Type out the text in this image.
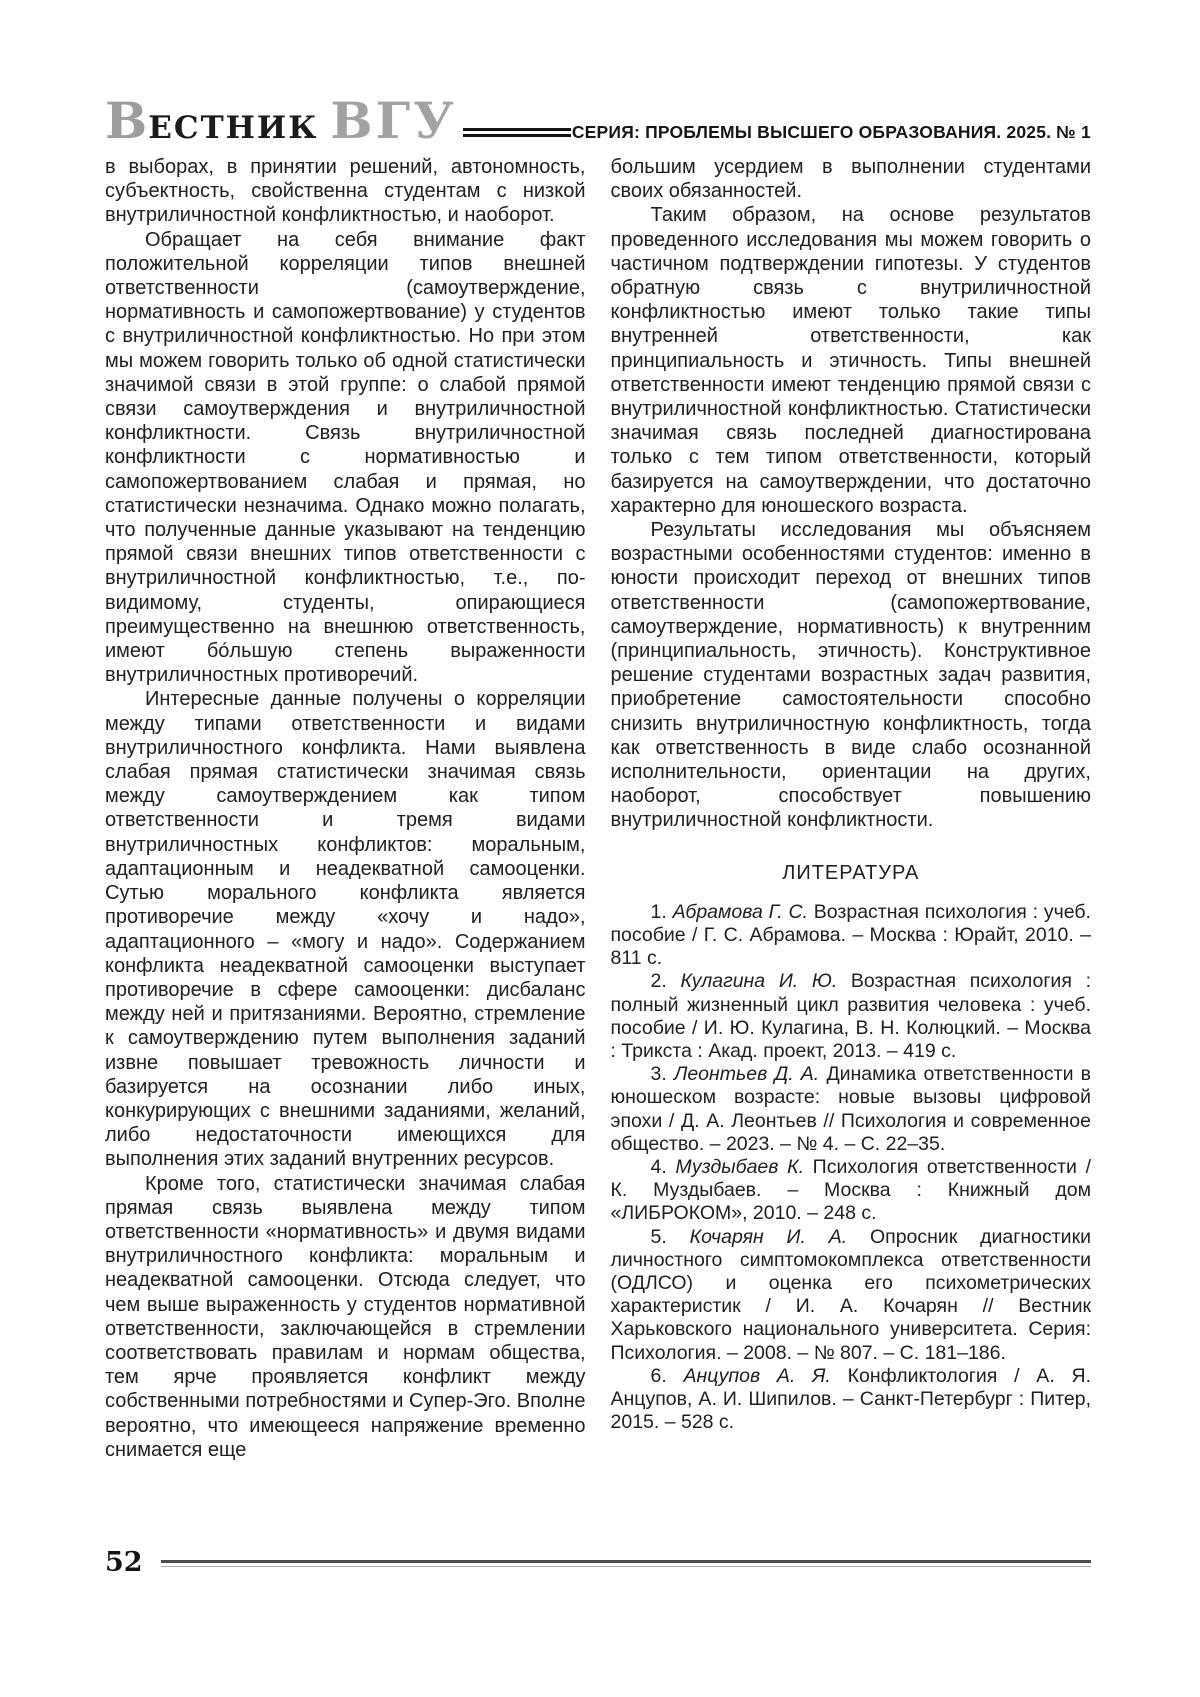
ВЕСТНИК ВГУ	СЕРИЯ: ПРОБЛЕМЫ ВЫСШЕГО ОБРАЗОВАНИЯ. 2025. № 1

в выборах, в принятии решений, автономность, субъектность, свойственна студентам с низкой внутриличностной конфликтностью, и наоборот.

Обращает на себя внимание факт положительной корреляции типов внешней ответственности (самоутверждение, нормативность и самопожертвование) у студентов с внутриличностной конфликтностью. Но при этом мы можем говорить только об одной статистически значимой связи в этой группе: о слабой прямой связи самоутверждения и внутриличностной конфликтности. Связь внутриличностной конфликтности с нормативностью и самопожертвованием слабая и прямая, но статистически незначима. Однако можно полагать, что полученные данные указывают на тенденцию прямой связи внешних типов ответственности с внутриличностной конфликтностью, т.е., по-видимому, студенты, опирающиеся преимущественно на внешнюю ответственность, имеют бо́льшую степень выраженности внутриличностных противоречий.

Интересные данные получены о корреляции между типами ответственности и видами внутриличностного конфликта. Нами выявлена слабая прямая статистически значимая связь между самоутверждением как типом ответственности и тремя видами внутриличностных конфликтов: моральным, адаптационным и неадекватной самооценки. Сутью морального конфликта является противоречие между «хочу и надо», адаптационного – «могу и надо». Содержанием конфликта неадекватной самооценки выступает противоречие в сфере самооценки: дисбаланс между ней и притязаниями. Вероятно, стремление к самоутверждению путем выполнения заданий извне повышает тревожность личности и базируется на осознании либо иных, конкурирующих с внешними заданиями, желаний, либо недостаточности имеющихся для выполнения этих заданий внутренних ресурсов.

Кроме того, статистически значимая слабая прямая связь выявлена между типом ответственности «нормативность» и двумя видами внутриличностного конфликта: моральным и неадекватной самооценки. Отсюда следует, что чем выше выраженность у студентов нормативной ответственности, заключающейся в стремлении соответствовать правилам и нормам общества, тем ярче проявляется конфликт между собственными потребностями и Супер-Эго. Вполне вероятно, что имеющееся напряжение временно снимается еще

большим усердием в выполнении студентами своих обязанностей.

Таким образом, на основе результатов проведенного исследования мы можем говорить о частичном подтверждении гипотезы. У студентов обратную связь с внутриличностной конфликтностью имеют только такие типы внутренней ответственности, как принципиальность и этичность. Типы внешней ответственности имеют тенденцию прямой связи с внутриличностной конфликтностью. Статистически значимая связь последней диагностирована только с тем типом ответственности, который базируется на самоутверждении, что достаточно характерно для юношеского возраста.

Результаты исследования мы объясняем возрастными особенностями студентов: именно в юности происходит переход от внешних типов ответственности (самопожертвование, самоутверждение, нормативность) к внутренним (принципиальность, этичность). Конструктивное решение студентами возрастных задач развития, приобретение самостоятельности способно снизить внутриличностную конфликтность, тогда как ответственность в виде слабо осознанной исполнительности, ориентации на других, наоборот, способствует повышению внутриличностной конфликтности.

ЛИТЕРАТУРА

1. Абрамова Г. С. Возрастная психология : учеб. пособие / Г. С. Абрамова. – Москва : Юрайт, 2010. – 811 с.

2. Кулагина И. Ю. Возрастная психология : полный жизненный цикл развития человека : учеб. пособие / И. Ю. Кулагина, В. Н. Колюцкий. – Москва : Трикста : Акад. проект, 2013. – 419 с.

3. Леонтьев Д. А. Динамика ответственности в юношеском возрасте: новые вызовы цифровой эпохи / Д. А. Леонтьев // Психология и современное общество. – 2023. – № 4. – С. 22–35.

4. Муздыбаев К. Психология ответственности / К. Муздыбаев. – Москва : Книжный дом «ЛИБРОКОМ», 2010. – 248 с.

5. Кочарян И. А. Опросник диагностики личностного симптомокомплекса ответственности (ОДЛСО) и оценка его психометрических характеристик / И. А. Кочарян // Вестник Харьковского национального университета. Серия: Психология. – 2008. – № 807. – С. 181–186.

6. Анцупов А. Я. Конфликтология / А. Я. Анцупов, А. И. Шипилов. – Санкт-Петербург : Питер, 2015. – 528 с.

52
